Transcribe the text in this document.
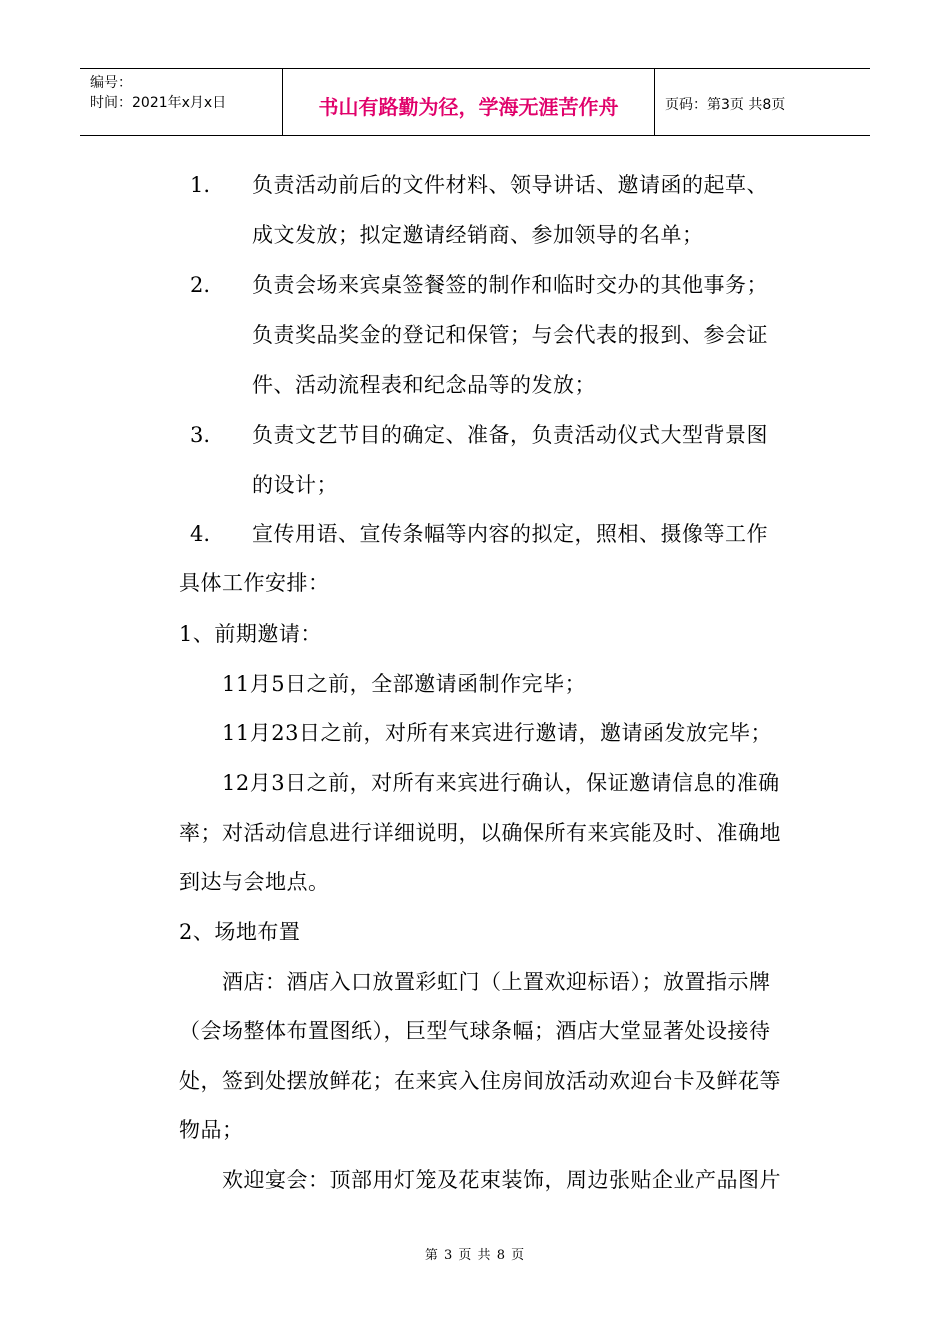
编号：
时间：2021年x月x日	书山有路勤为径，学海无涯苦作舟	页码：第3页 共8页
1. 负责活动前后的文件材料、领导讲话、邀请函的起草、
成文发放；拟定邀请经销商、参加领导的名单；
2. 负责会场来宾桌签餐签的制作和临时交办的其他事务；
负责奖品奖金的登记和保管；与会代表的报到、参会证
件、活动流程表和纪念品等的发放；
3. 负责文艺节目的确定、准备，负责活动仪式大型背景图
的设计；
4. 宣传用语、宣传条幅等内容的拟定，照相、摄像等工作
具体工作安排：
1、前期邀请：
11月5日之前，全部邀请函制作完毕；
11月23日之前，对所有来宾进行邀请，邀请函发放完毕；
12月3日之前，对所有来宾进行确认，保证邀请信息的准确
率；对活动信息进行详细说明，以确保所有来宾能及时、准确地
到达与会地点。
2、场地布置
酒店：酒店入口放置彩虹门（上置欢迎标语）；放置指示牌
（会场整体布置图纸），巨型气球条幅；酒店大堂显著处设接待
处，签到处摆放鲜花；在来宾入住房间放活动欢迎台卡及鲜花等
物品；
欢迎宴会：顶部用灯笼及花束装饰，周边张贴企业产品图片
第 3 页 共 8 页
